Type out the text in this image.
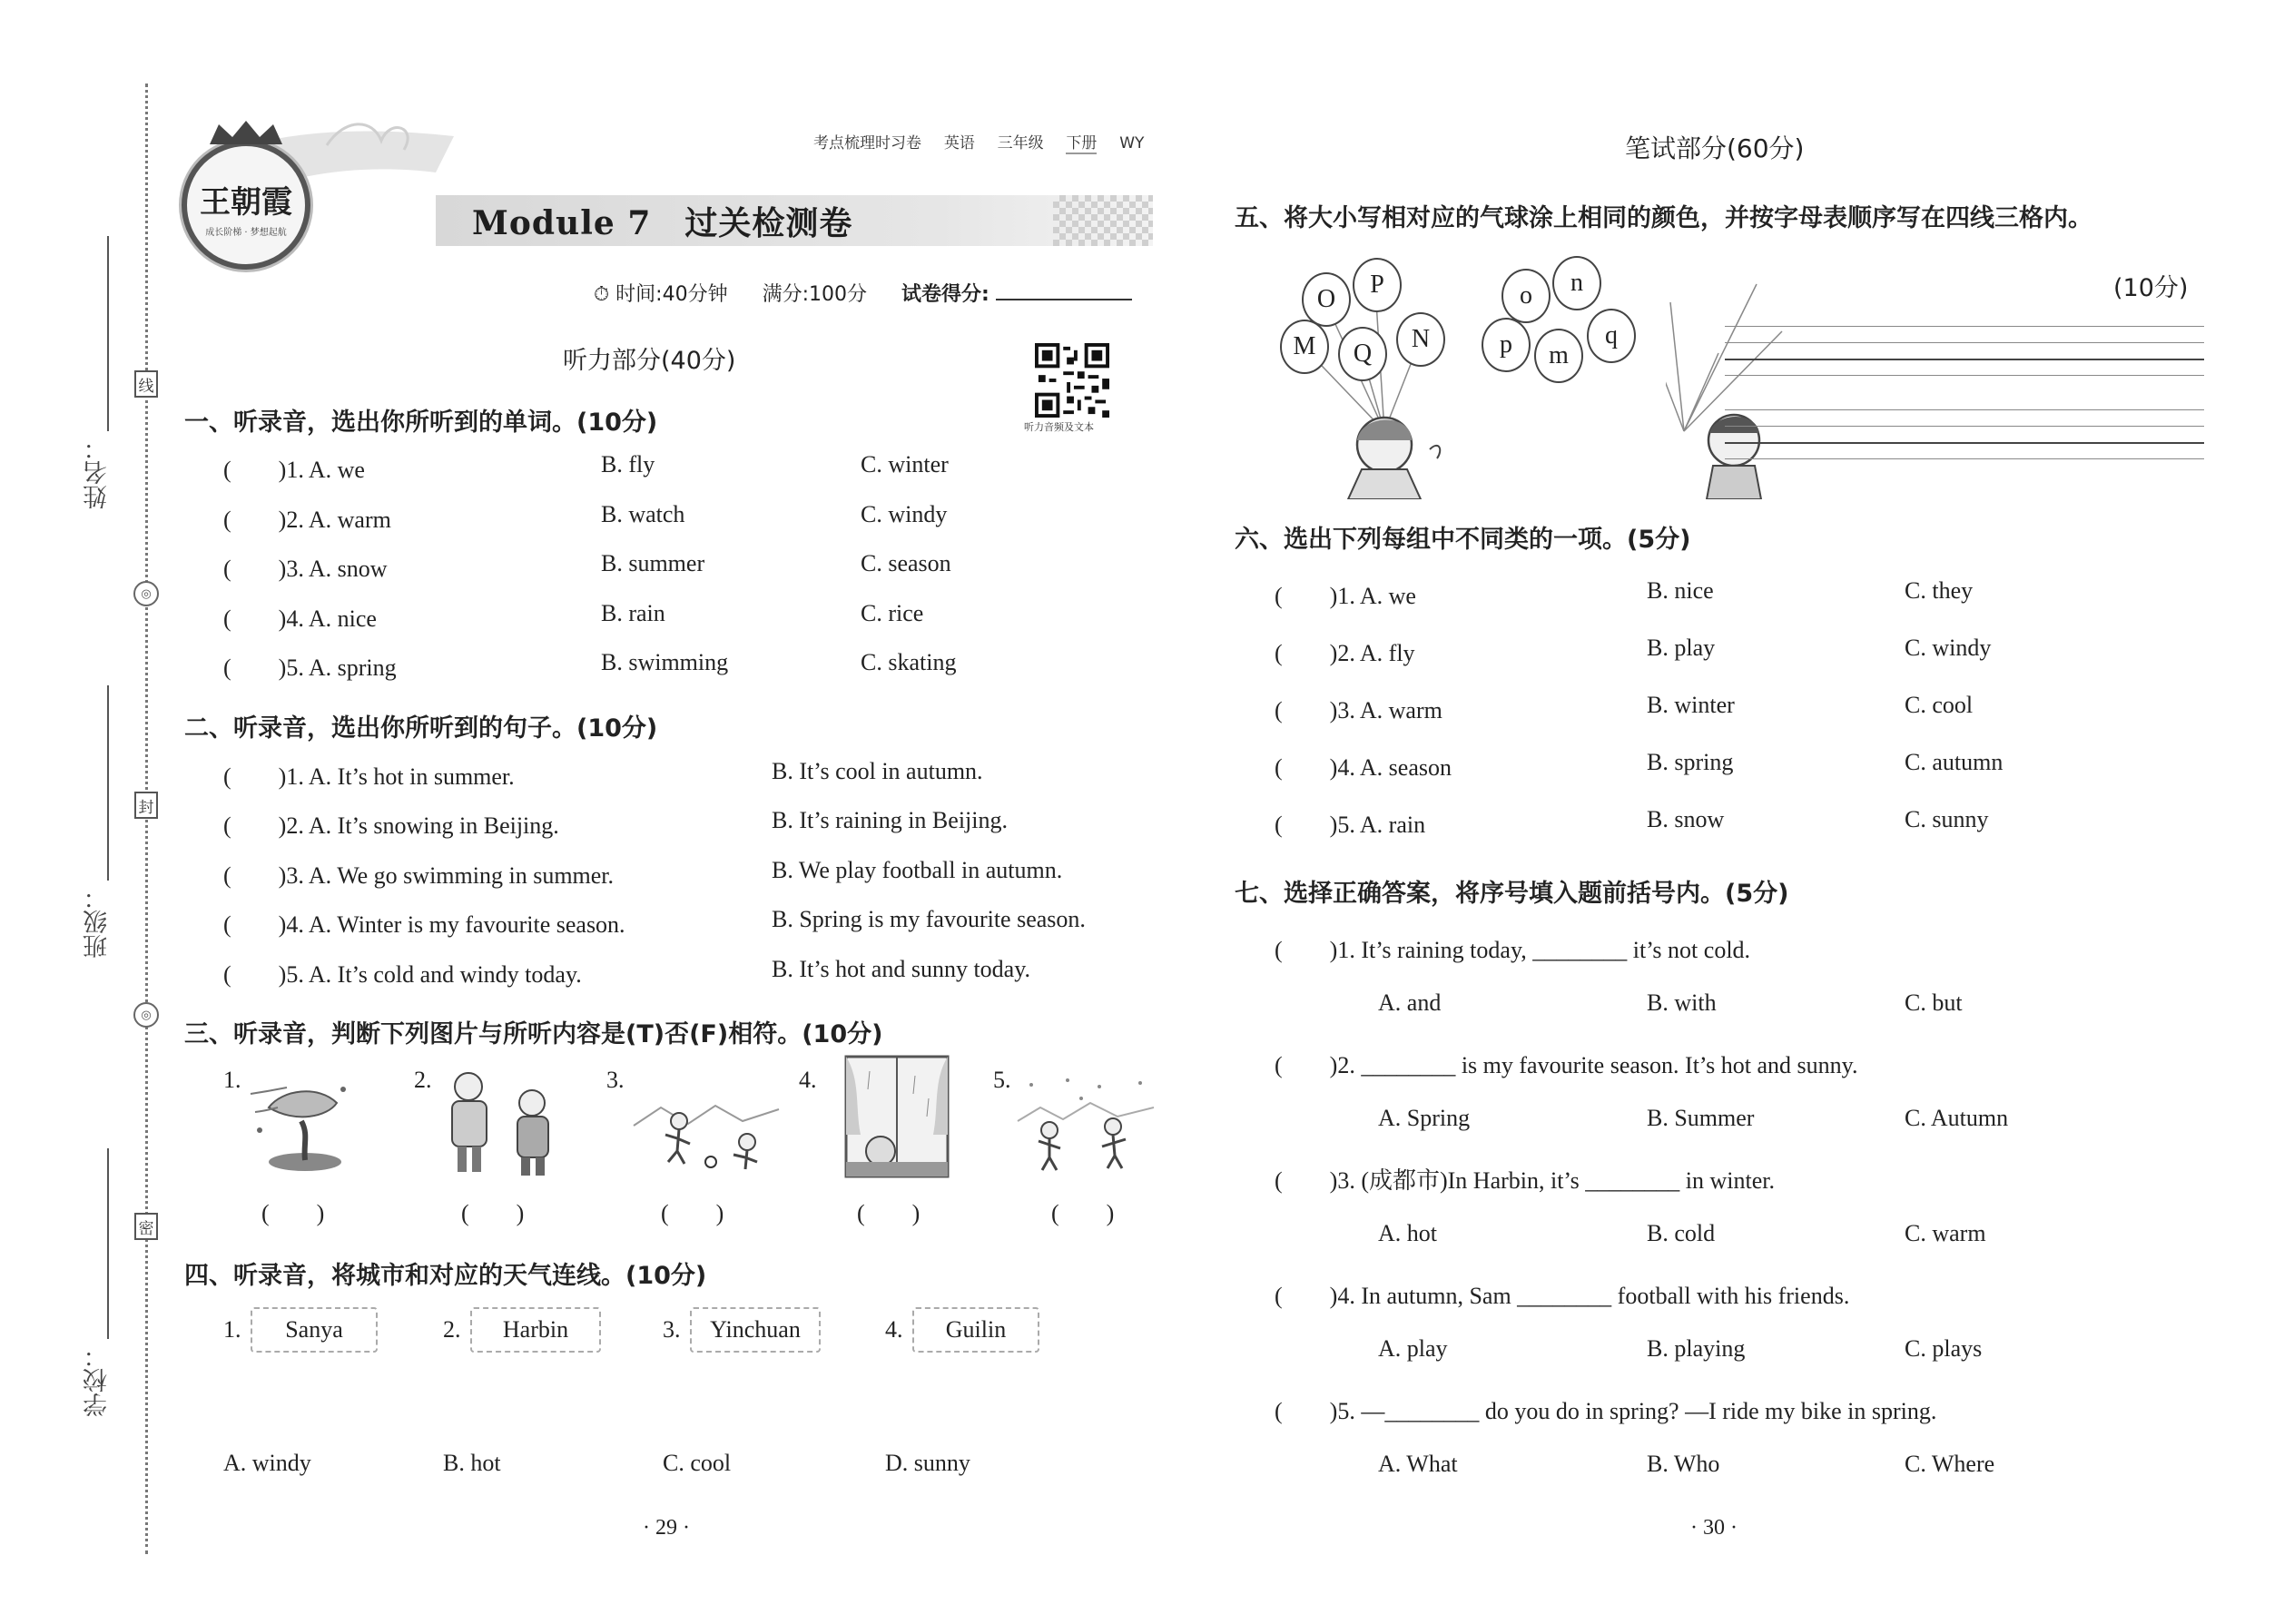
姓名：
班级：
学校：
线
◎
封
◎
密
王朝霞
成长阶梯 · 梦想起航
考点梳理时习卷 英语 三年级 下册 WY
Module 7　过关检测卷
⏱ 时间:40分钟 满分:100分 试卷得分:
听力部分(40分)
听力音频及文本
一、听录音，选出你所听到的单词。(10分)
(　　)1. A. we	B. fly	C. winter
(　　)2. A. warm	B. watch	C. windy
(　　)3. A. snow	B. summer	C. season
(　　)4. A. nice	B. rain	C. rice
(　　)5. A. spring	B. swimming	C. skating
二、听录音，选出你所听到的句子。(10分)
(　　)1. A. It’s hot in summer.	B. It’s cool in autumn.
(　　)2. A. It’s snowing in Beijing.	B. It’s raining in Beijing.
(　　)3. A. We go swimming in summer.	B. We play football in autumn.
(　　)4. A. Winter is my favourite season.	B. Spring is my favourite season.
(　　)5. A. It’s cold and windy today.	B. It’s hot and sunny today.
三、听录音，判断下列图片与所听内容是(T)否(F)相符。(10分)
1.	2.	3.	4.	5.
(　　)	(　　)	(　　)	(　　)	(　　)
四、听录音，将城市和对应的天气连线。(10分)
1.	2.	3.	4.
Sanya	Harbin	Yinchuan	Guilin
A. windy	B. hot	C. cool	D. sunny
· 29 ·
笔试部分(60分)
五、将大小写相对应的气球涂上相同的颜色，并按字母表顺序写在四线三格内。
(10分)
O
P
M	Q
N
o	n
p	m
q
六、选出下列每组中不同类的一项。(5分)
(　　)1. A. we	B. nice	C. they
(　　)2. A. fly	B. play	C. windy
(　　)3. A. warm	B. winter	C. cool
(　　)4. A. season	B. spring	C. autumn
(　　)5. A. rain	B. snow	C. sunny
七、选择正确答案，将序号填入题前括号内。(5分)
(　　)1. It’s raining today, ________ it’s not cold.
A. and	B. with	C. but
(　　)2. ________ is my favourite season. It’s hot and sunny.
A. Spring	B. Summer	C. Autumn
(　　)3. (成都市)In Harbin, it’s ________ in winter.
A. hot	B. cold	C. warm
(　　)4. In autumn, Sam ________ football with his friends.
A. play	B. playing	C. plays
(　　)5. —________ do you do in spring? —I ride my bike in spring.
A. What	B. Who	C. Where
· 30 ·
